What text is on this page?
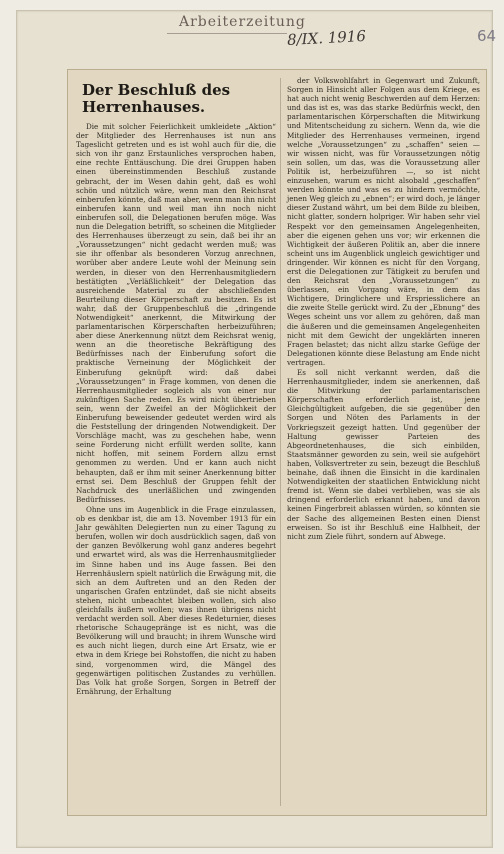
Arbeiterzeitung
8/IX. 1916	64
Der Beschluß des Herrenhauses.

Die mit solcher Feierlichkeit umkleidete „Aktion“ der Mitglieder des Herrenhauses ist nun ans Tageslicht getreten und es ist wohl auch für die, die sich von ihr ganz Erstaunliches versprochen haben, eine rechte Enttäuschung. Die drei Gruppen haben einen übereinstimmenden Beschluß zustande gebracht, der im Wesen dahin geht, daß es wohl schön und nützlich wäre, wenn man den Reichsrat einberufen könnte, daß man aber, wenn man ihn nicht einberufen kann und weil man ihn noch nicht einberufen soll, die Delegationen berufen möge. Was nun die Delegation betrifft, so scheinen die Mitglieder des Herrenhauses überzeugt zu sein, daß bei ihr an „Voraussetzungen“ nicht gedacht werden muß; was sie ihr offenbar als besonderen Vorzug anrechnen, worüber aber andere Leute wohl der Meinung sein werden, in dieser von den Herrenhausmitgliedern bestätigten „Verläßlichkeit“ der Delegation das ausreichende Material zu der abschließenden Beurteilung dieser Körperschaft zu besitzen. Es ist wahr, daß der Gruppenbeschluß die „dringende Notwendigkeit“ anerkennt, die Mitwirkung der parlamentarischen Körperschaften herbeizuführen; aber diese Anerkennung nützt dem Reichsrat wenig, wenn an die theoretische Bekräftigung des Bedürfnisses nach der Einberufung sofort die praktische Verneinung der Möglichkeit der Einberufung geknüpft wird: daß dabei „Voraussetzungen“ in Frage kommen, von denen die Herrenhausmitglieder sogleich als von einer nur zukünftigen Sache reden. Es wird nicht übertrieben sein, wenn der Zweifel an der Möglichkeit der Einberufung beweisender gedeutet werden wird als die Feststellung der dringenden Notwendigkeit. Der Vorschläge macht, was zu geschehen habe, wenn seine Forderung nicht erfüllt werden sollte, kann nicht hoffen, mit seinem Fordern allzu ernst genommen zu werden. Und er kann auch nicht behaupten, daß er ihm mit seiner Anerkennung bitter ernst sei. Dem Beschluß der Gruppen fehlt der Nachdruck des unerläßlichen und zwingenden Bedürfnisses.

Ohne uns im Augenblick in die Frage einzulassen, ob es denkbar ist, die am 13. November 1913 für ein Jahr gewählten Delegierten nun zu einer Tagung zu berufen, wollen wir doch ausdrücklich sagen, daß von der ganzen Bevölkerung wohl ganz anderes begehrt und erwartet wird, als was die Herrenhausmitglieder im Sinne haben und ins Auge fassen. Bei den Herrenhäuslern spielt natürlich die Erwägung mit, die sich an dem Auftreten und an den Reden der ungarischen Grafen entzündet, daß sie nicht abseits stehen, nicht unbeachtet bleiben wollen, sich also gleichfalls äußern wollen; was ihnen übrigens nicht verdacht werden soll. Aber dieses Redeturnier, dieses rhetorische Schaugepränge ist es nicht, was die Bevölkerung will und braucht; in ihrem Wunsche wird es auch nicht liegen, durch eine Art Ersatz, wie er etwa in dem Kriege bei Rohstoffen, die nicht zu haben sind, vorgenommen wird, die Mängel des gegenwärtigen politischen Zustandes zu verhüllen. Das Volk hat große Sorgen, Sorgen in Betreff der Ernährung, der Erhaltung

der Volkswohlfahrt in Gegenwart und Zukunft, Sorgen in Hinsicht aller Folgen aus dem Kriege, es hat auch nicht wenig Beschwerden auf dem Herzen: und das ist es, was das starke Bedürfnis weckt, den parlamentarischen Körperschaften die Mitwirkung und Mitentscheidung zu sichern. Wenn da, wie die Mitglieder des Herrenhauses vermeinen, irgend welche „Voraussetzungen“ zu „schaffen“ seien — wir wissen nicht, was für Voraussetzungen nötig sein sollen, um das, was die Voraussetzung aller Politik ist, herbeizuführen —, so ist nicht einzusehen, warum es nicht alsobald „geschaffen“ werden könnte und was es zu hindern vermöchte, jenen Weg gleich zu „ebnen“; er wird doch, je länger dieser Zustand währt, um bei dem Bilde zu bleiben, nicht glatter, sondern holpriger. Wir haben sehr viel Respekt vor den gemeinsamen Angelegenheiten, aber die eigenen gehen uns vor; wir erkennen die Wichtigkeit der äußeren Politik an, aber die innere scheint uns im Augenblick ungleich gewichtiger und dringender. Wir können es nicht für den Vorgang, erst die Delegationen zur Tätigkeit zu berufen und den Reichsrat den „Voraussetzungen“ zu überlassen, ein Vorgang wäre, in dem das Wichtigere, Dringlichere und Erspriesslichere an die zweite Stelle gerückt wird. Zu der „Ebnung“ des Weges scheint uns vor allem zu gehören, daß man die äußeren und die gemeinsamen Angelegenheiten nicht mit dem Gewicht der ungeklärten inneren Fragen belastet; das nicht allzu starke Gefüge der Delegationen könnte diese Belastung am Ende nicht vertragen.

Es soll nicht verkannt werden, daß die Herrenhausmitglieder, indem sie anerkennen, daß die Mitwirkung der parlamentarischen Körperschaften erforderlich ist, jene Gleichgültigkeit aufgeben, die sie gegenüber den Sorgen und Nöten des Parlaments in der Vorkriegszeit gezeigt hatten. Und gegenüber der Haltung gewisser Parteien des Abgeordnetenhauses, die sich einbilden, Staatsmänner geworden zu sein, weil sie aufgehört haben, Volksvertreter zu sein, bezeugt die Beschluß beinahe, daß ihnen die Einsicht in die kardinalen Notwendigkeiten der staatlichen Entwicklung nicht fremd ist. Wenn sie dabei verblieben, was sie als dringend erforderlich erkannt haben, und davon keinen Fingerbreit ablassen würden, so könnten sie der Sache des allgemeinen Besten einen Dienst erweisen. So ist ihr Beschluß eine Halbheit, der nicht zum Ziele führt, sondern auf Abwege.
